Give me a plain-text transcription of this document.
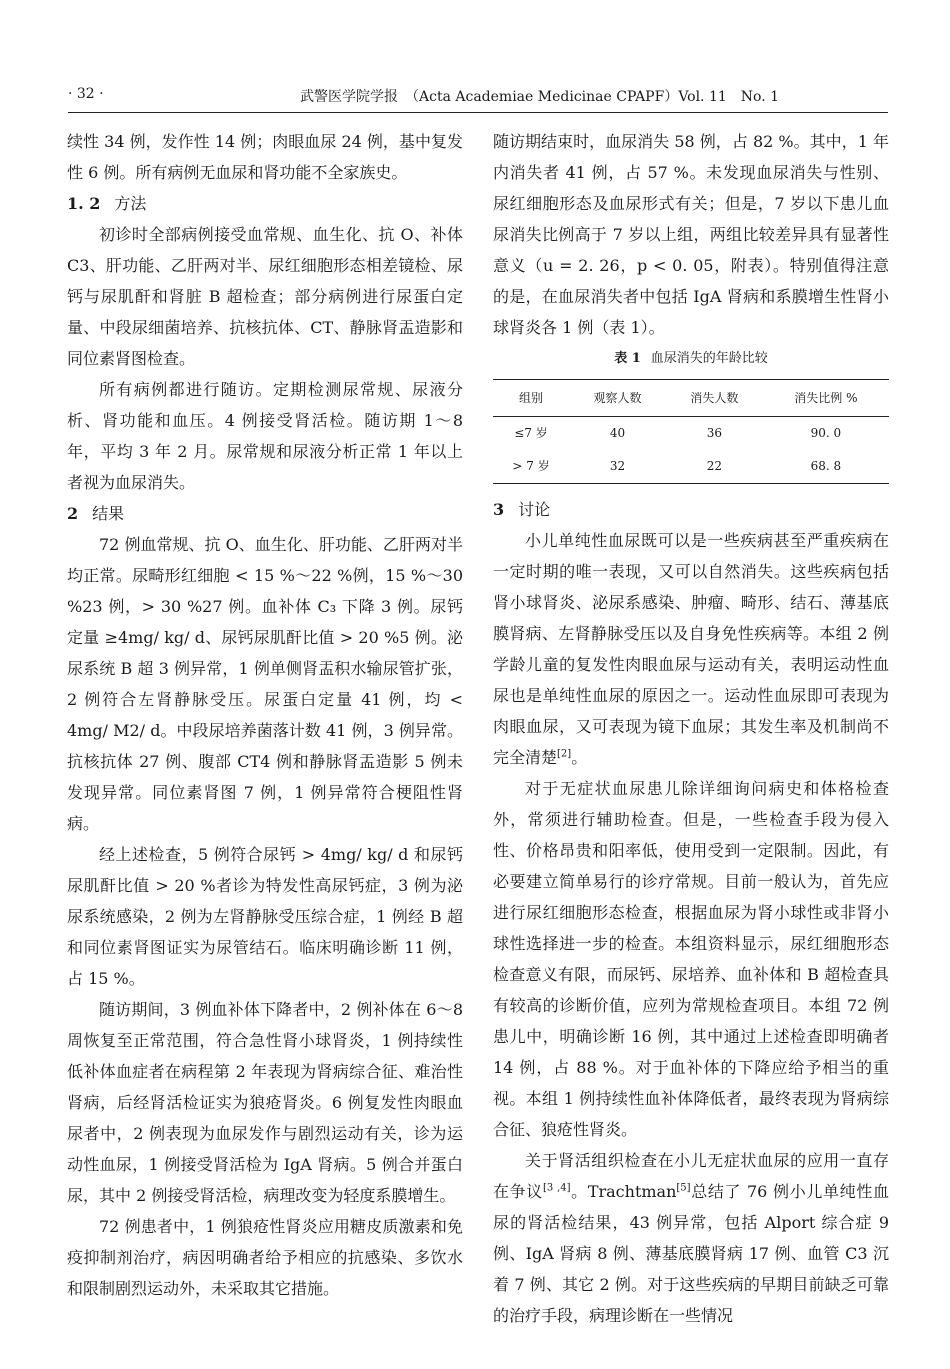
· 32 ·	武警医学院学报　（Acta Academiae Medicinae CPAPF）Vol. 11　No. 1

续性 34 例，发作性 14 例；肉眼血尿 24 例，基中复发性 6 例。所有病例无血尿和肾功能不全家族史。

1. 2 方法

初诊时全部病例接受血常规、血生化、抗 O、补体 C3、肝功能、乙肝两对半、尿红细胞形态相差镜检、尿钙与尿肌酐和肾脏 B 超检查；部分病例进行尿蛋白定量、中段尿细菌培养、抗核抗体、CT、静脉肾盂造影和同位素肾图检查。

所有病例都进行随访。定期检测尿常规、尿液分析、肾功能和血压。4 例接受肾活检。随访期 1～8 年，平均 3 年 2 月。尿常规和尿液分析正常 1 年以上者视为血尿消失。

2 结果

72 例血常规、抗 O、血生化、肝功能、乙肝两对半均正常。尿畸形红细胞 < 15 %～22 %例，15 %～30 %23 例，> 30 %27 例。血补体 C₃ 下降 3 例。尿钙定量 ≥4mg/ kg/ d、尿钙尿肌酐比值 > 20 %5 例。泌尿系统 B 超 3 例异常，1 例单侧肾盂积水输尿管扩张，2 例符合左肾静脉受压。尿蛋白定量 41 例，均 < 4mg/ M2/ d。中段尿培养菌落计数 41 例，3 例异常。抗核抗体 27 例、腹部 CT4 例和静脉肾盂造影 5 例未发现异常。同位素肾图 7 例，1 例异常符合梗阻性肾病。

经上述检查，5 例符合尿钙 > 4mg/ kg/ d 和尿钙尿肌酐比值 > 20 %者诊为特发性高尿钙症，3 例为泌尿系统感染，2 例为左肾静脉受压综合症，1 例经 B 超和同位素肾图证实为尿管结石。临床明确诊断 11 例，占 15 %。

随访期间，3 例血补体下降者中，2 例补体在 6～8 周恢复至正常范围，符合急性肾小球肾炎，1 例持续性低补体血症者在病程第 2 年表现为肾病综合征、难治性肾病，后经肾活检证实为狼疮肾炎。6 例复发性肉眼血尿者中，2 例表现为血尿发作与剧烈运动有关，诊为运动性血尿，1 例接受肾活检为 IgA 肾病。5 例合并蛋白尿，其中 2 例接受肾活检，病理改变为轻度系膜增生。

72 例患者中，1 例狼疮性肾炎应用糖皮质激素和免疫抑制剂治疗，病因明确者给予相应的抗感染、多饮水和限制剧烈运动外，未采取其它措施。

随访期结束时，血尿消失 58 例，占 82 %。其中，1 年内消失者 41 例，占 57 %。未发现血尿消失与性别、尿红细胞形态及血尿形式有关；但是，7 岁以下患儿血尿消失比例高于 7 岁以上组，两组比较差异具有显著性意义（u = 2. 26，p < 0. 05，附表）。特别值得注意的是，在血尿消失者中包括 IgA 肾病和系膜增生性肾小球肾炎各 1 例（表 1）。

表 1 血尿消失的年龄比较
组别	观察人数	消失人数	消失比例 %
≤7 岁	40	36	90. 0
> 7 岁	32	22	68. 8
3 讨论

小儿单纯性血尿既可以是一些疾病甚至严重疾病在一定时期的唯一表现，又可以自然消失。这些疾病包括肾小球肾炎、泌尿系感染、肿瘤、畸形、结石、薄基底膜肾病、左肾静脉受压以及自身免性疾病等。本组 2 例学龄儿童的复发性肉眼血尿与运动有关，表明运动性血尿也是单纯性血尿的原因之一。运动性血尿即可表现为肉眼血尿，又可表现为镜下血尿；其发生率及机制尚不完全清楚[2]。

对于无症状血尿患儿除详细询问病史和体格检查外，常须进行辅助检查。但是，一些检查手段为侵入性、价格昂贵和阳率低，使用受到一定限制。因此，有必要建立简单易行的诊疗常规。目前一般认为，首先应进行尿红细胞形态检查，根据血尿为肾小球性或非肾小球性选择进一步的检查。本组资料显示，尿红细胞形态检查意义有限，而尿钙、尿培养、血补体和 B 超检查具有较高的诊断价值，应列为常规检查项目。本组 72 例患儿中，明确诊断 16 例，其中通过上述检查即明确者 14 例，占 88 %。对于血补体的下降应给予相当的重视。本组 1 例持续性血补体降低者，最终表现为肾病综合征、狼疮性肾炎。

关于肾活组织检查在小儿无症状血尿的应用一直存在争议[3 ,4]。Trachtman[5]总结了 76 例小儿单纯性血尿的肾活检结果，43 例异常，包括 Alport 综合症 9 例、IgA 肾病 8 例、薄基底膜肾病 17 例、血管 C3 沉着 7 例、其它 2 例。对于这些疾病的早期目前缺乏可靠的治疗手段，病理诊断在一些情况
